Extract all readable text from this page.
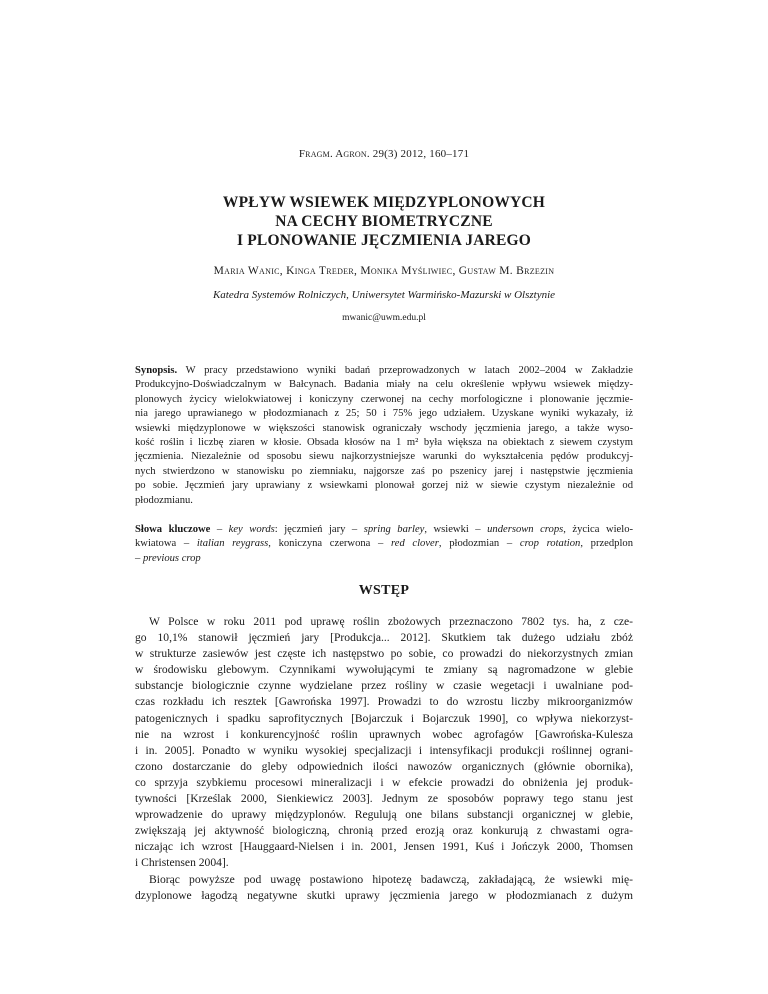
Fragm. Agron. 29(3) 2012, 160–171
WPŁYW WSIEWEK MIĘDZYPLONOWYCH
NA CECHY BIOMETRYCZNE
I PLONOWANIE JĘCZMIENIA JAREGO
Maria Wanic, Kinga Treder, Monika Myśliwiec, Gustaw M. Brzezin
Katedra Systemów Rolniczych, Uniwersytet Warmińsko-Mazurski w Olsztynie
mwanic@uwm.edu.pl
Synopsis. W pracy przedstawiono wyniki badań przeprowadzonych w latach 2002–2004 w Zakładzie
Produkcyjno-Doświadczalnym w Bałcynach. Badania miały na celu określenie wpływu wsiewek między-
plonowych życicy wielokwiatowej i koniczyny czerwonej na cechy morfologiczne i plonowanie jęczmie-
nia jarego uprawianego w płodozmianach z 25; 50 i 75% jego udziałem. Uzyskane wyniki wykazały, iż
wsiewki międzyplonowe w większości stanowisk ograniczały wschody jęczmienia jarego, a także wyso-
kość roślin i liczbę ziaren w kłosie. Obsada kłosów na 1 m² była większa na obiektach z siewem czystym
jęczmienia. Niezależnie od sposobu siewu najkorzystniejsze warunki do wykształcenia pędów produkcyj-
nych stwierdzono w stanowisku po ziemniaku, najgorsze zaś po pszenicy jarej i następstwie jęczmienia
po sobie. Jęczmień jary uprawiany z wsiewkami plonował gorzej niż w siewie czystym niezależnie od
płodozmianu.
Słowa kluczowe – key words: jęczmień jary – spring barley, wsiewki – undersown crops, życica wielo-
kwiatowa – italian reygrass, koniczyna czerwona – red clover, płodozmian – crop rotation, przedplon
– previous crop
WSTĘP
W Polsce w roku 2011 pod uprawę roślin zbożowych przeznaczono 7802 tys. ha, z cze-
go 10,1% stanowił jęczmień jary [Produkcja... 2012]. Skutkiem tak dużego udziału zbóż
w strukturze zasiewów jest częste ich następstwo po sobie, co prowadzi do niekorzystnych zmian
w środowisku glebowym. Czynnikami wywołującymi te zmiany są nagromadzone w glebie
substancje biologicznie czynne wydzielane przez rośliny w czasie wegetacji i uwalniane pod-
czas rozkładu ich resztek [Gawrońska 1997]. Prowadzi to do wzrostu liczby mikroorganizmów
patogenicznych i spadku saprofitycznych [Bojarczuk i Bojarczuk 1990], co wpływa niekorzyst-
nie na wzrost i konkurencyjność roślin uprawnych wobec agrofagów [Gawrońska-Kulesza
i in. 2005]. Ponadto w wyniku wysokiej specjalizacji i intensyfikacji produkcji roślinnej ograni-
czono dostarczanie do gleby odpowiednich ilości nawozów organicznych (głównie obornika),
co sprzyja szybkiemu procesowi mineralizacji i w efekcie prowadzi do obniżenia jej produk-
tywności [Krześlak 2000, Sienkiewicz 2003]. Jednym ze sposobów poprawy tego stanu jest
wprowadzenie do uprawy międzyplonów. Regulują one bilans substancji organicznej w glebie,
zwiększają jej aktywność biologiczną, chronią przed erozją oraz konkurują z chwastami ogra-
niczając ich wzrost [Hauggaard-Nielsen i in. 2001, Jensen 1991, Kuś i Jończyk 2000, Thomsen
i Christensen 2004].
Biorąc powyższe pod uwagę postawiono hipotezę badawczą, zakładającą, że wsiewki mię-
dzyplonowe łagodzą negatywne skutki uprawy jęczmienia jarego w płodozmianach z dużym
